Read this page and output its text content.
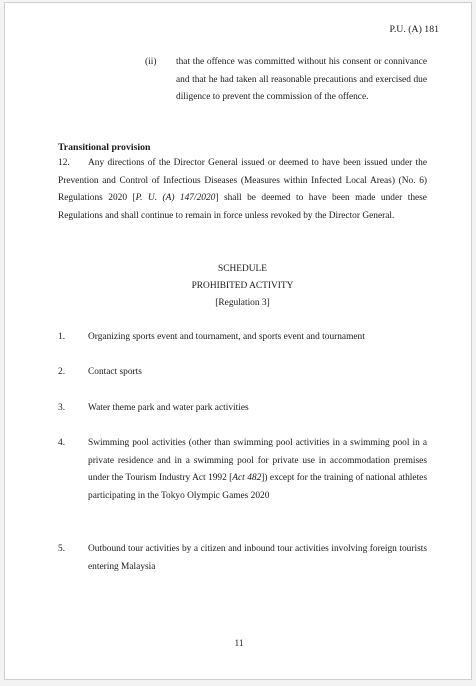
P.U. (A) 181
(ii) that the offence was committed without his consent or connivance and that he had taken all reasonable precautions and exercised due diligence to prevent the commission of the offence.
Transitional provision
12. Any directions of the Director General issued or deemed to have been issued under the Prevention and Control of Infectious Diseases (Measures within Infected Local Areas) (No. 6) Regulations 2020 [P. U. (A) 147/2020] shall be deemed to have been made under these Regulations and shall continue to remain in force unless revoked by the Director General.
SCHEDULE
PROHIBITED ACTIVITY
[Regulation 3]
1. Organizing sports event and tournament, and sports event and tournament
2. Contact sports
3. Water theme park and water park activities
4. Swimming pool activities (other than swimming pool activities in a swimming pool in a private residence and in a swimming pool for private use in accommodation premises under the Tourism Industry Act 1992 [Act 482]) except for the training of national athletes participating in the Tokyo Olympic Games 2020
5. Outbound tour activities by a citizen and inbound tour activities involving foreign tourists entering Malaysia
11
